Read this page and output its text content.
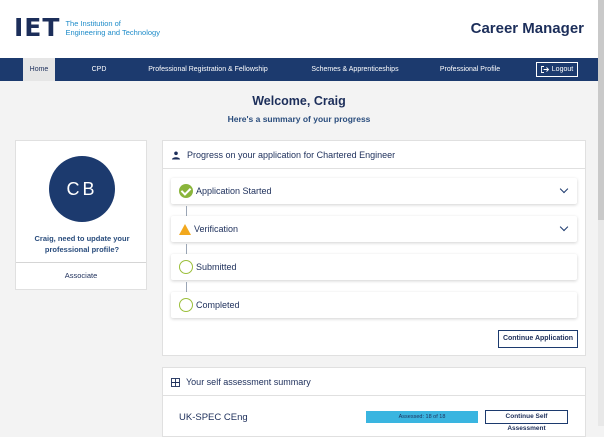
IET The Institution of
Engineering and Technology	Career Manager
Home	CPD	Professional Registration & Fellowship	Schemes & Apprenticeships	Professional Profile	Logout
Welcome, Craig
Here's a summary of your progress
CB
Craig, need to update your professional profile?
Associate
Progress on your application for Chartered Engineer
Application Started
Verification
Submitted
Completed
Continue Application
Your self assessment summary
UK-SPEC CEng	Assessed: 18 of 18	Continue Self Assessment
